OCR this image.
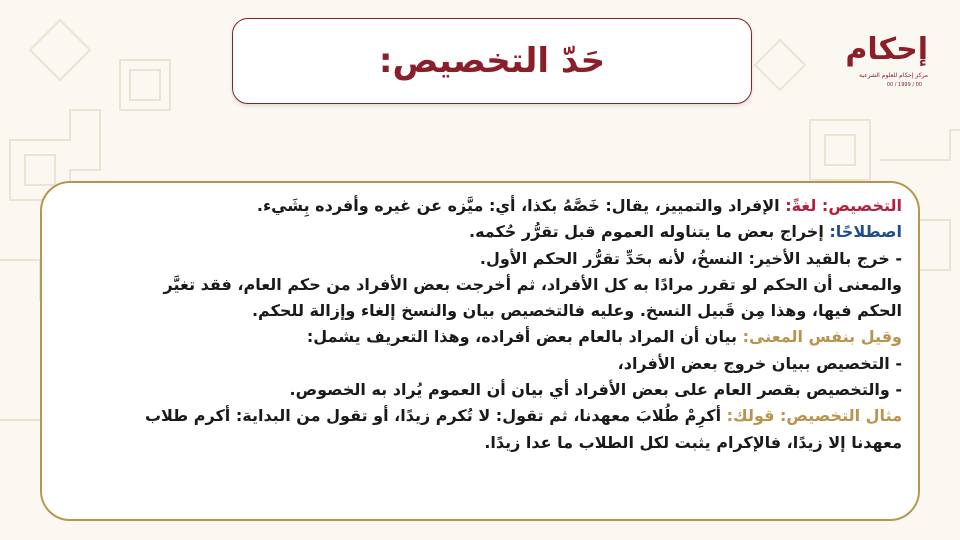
حَدّ التخصيص:	إحكام
مركز إحكام للعلوم الشرعية
00 / 1999 / 00
التخصيص: لغةً: الإفراد والتمييز، يقال: خَصَّهُ بكذا، أي: ميَّزه عن غيره وأفرده بِشَيء.
اصطلاحًا: إخراج بعض ما يتناوله العموم قبل تقرُّر حُكمه.
- خرج بالقيد الأخير: النسخُ، لأنه بحَدِّ تقرُّر الحكم الأول.
والمعنى أن الحكم لو تقرر مرادًا به كل الأفراد، ثم أخرجت بعض الأفراد من حكم العام، فقد تغيَّر
الحكم فيها، وهذا مِن قَبيل النسخ. وعليه فالتخصيص بيان والنسخ إلغاء وإزالة للحكم.
وقيل بنفس المعنى: بيان أن المراد بالعام بعض أفراده، وهذا التعريف يشمل:
- التخصيص ببيان خروج بعض الأفراد،
- والتخصيص بقصر العام على بعض الأفراد أي بيان أن العموم يُراد به الخصوص.
مثال التخصيص: قولك: أكرِمْ طُلابَ معهدنا، ثم تقول: لا تُكرم زيدًا، أو تقول من البداية: أكرم طلاب
معهدنا إلا زيدًا، فالإكرام يثبت لكل الطلاب ما عدا زيدًا.
